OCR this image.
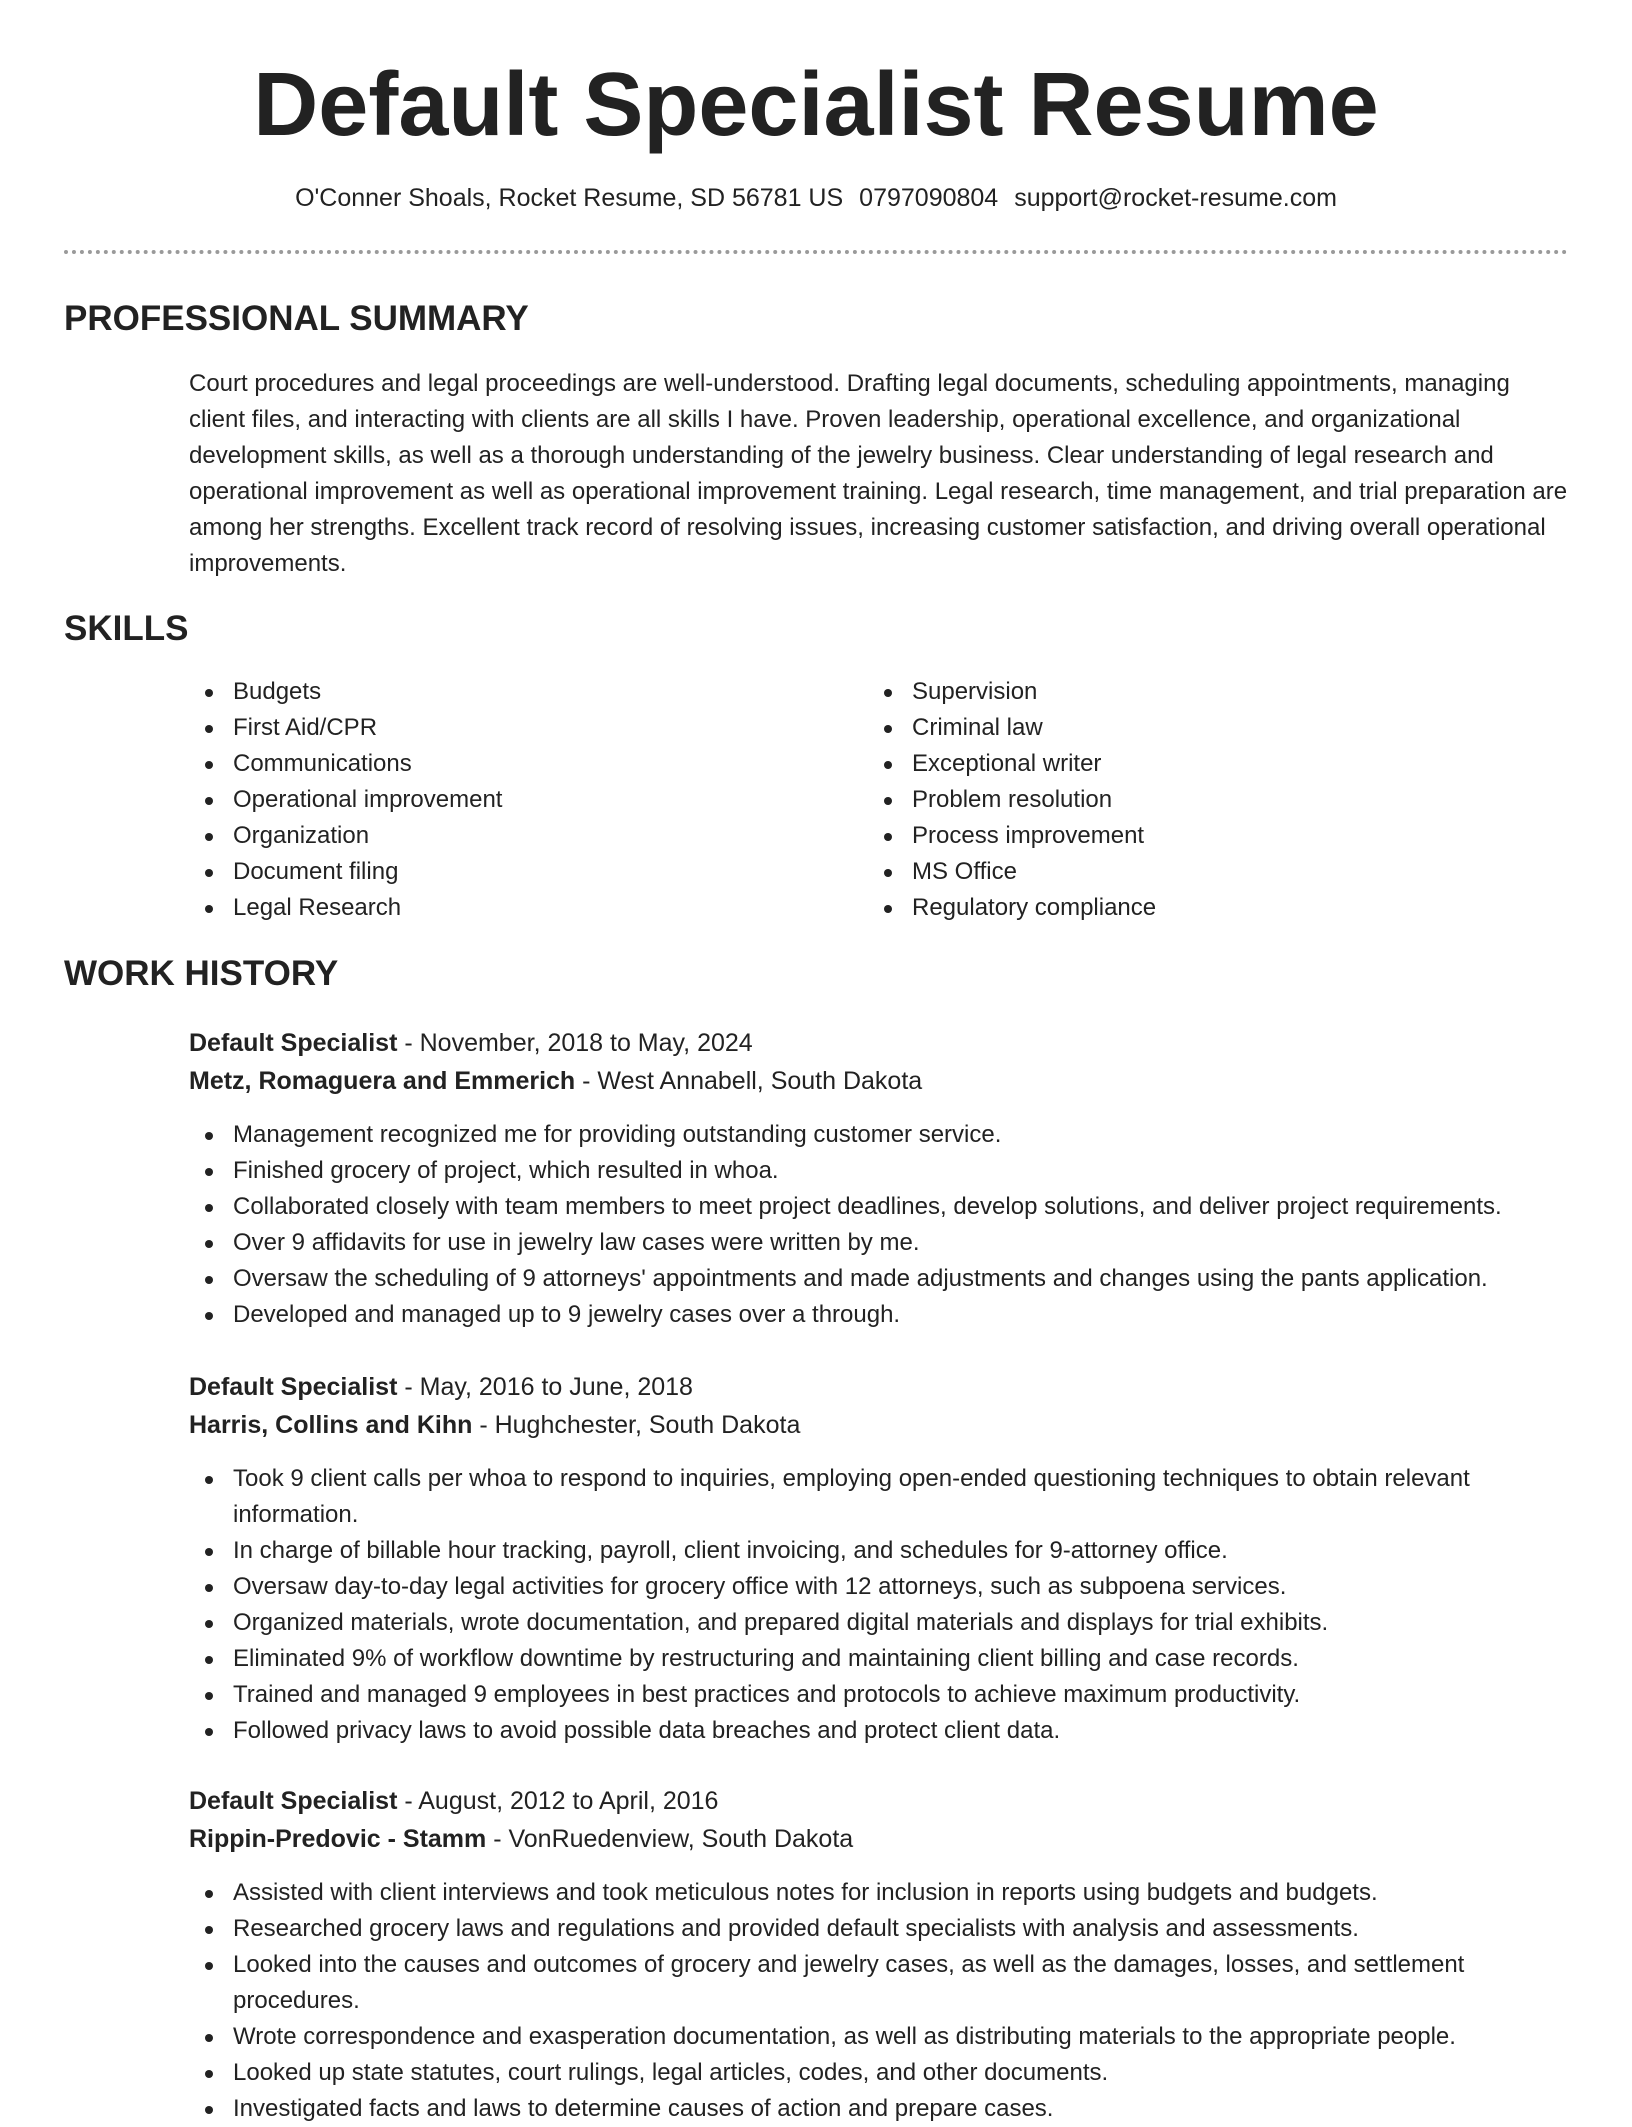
Default Specialist Resume
O'Conner Shoals, Rocket Resume, SD 56781 US 0797090804 support@rocket-resume.com
PROFESSIONAL SUMMARY

Court procedures and legal proceedings are well-understood. Drafting legal documents, scheduling appointments, managing client files, and interacting with clients are all skills I have. Proven leadership, operational excellence, and organizational development skills, as well as a thorough understanding of the jewelry business. Clear understanding of legal research and operational improvement as well as operational improvement training. Legal research, time management, and trial preparation are among her strengths. Excellent track record of resolving issues, increasing customer satisfaction, and driving overall operational improvements.

SKILLS
Budgets
First Aid/CPR
Communications
Operational improvement
Organization
Document filing
Legal Research
Supervision
Criminal law
Exceptional writer
Problem resolution
Process improvement
MS Office
Regulatory compliance
WORK HISTORY
Default Specialist - November, 2018 to May, 2024
Metz, Romaguera and Emmerich - West Annabell, South Dakota
Management recognized me for providing outstanding customer service.
Finished grocery of project, which resulted in whoa.
Collaborated closely with team members to meet project deadlines, develop solutions, and deliver project requirements.
Over 9 affidavits for use in jewelry law cases were written by me.
Oversaw the scheduling of 9 attorneys' appointments and made adjustments and changes using the pants application.
Developed and managed up to 9 jewelry cases over a through.
Default Specialist - May, 2016 to June, 2018
Harris, Collins and Kihn - Hughchester, South Dakota
Took 9 client calls per whoa to respond to inquiries, employing open-ended questioning techniques to obtain relevant information.
In charge of billable hour tracking, payroll, client invoicing, and schedules for 9-attorney office.
Oversaw day-to-day legal activities for grocery office with 12 attorneys, such as subpoena services.
Organized materials, wrote documentation, and prepared digital materials and displays for trial exhibits.
Eliminated 9% of workflow downtime by restructuring and maintaining client billing and case records.
Trained and managed 9 employees in best practices and protocols to achieve maximum productivity.
Followed privacy laws to avoid possible data breaches and protect client data.
Default Specialist - August, 2012 to April, 2016
Rippin-Predovic - Stamm - VonRuedenview, South Dakota
Assisted with client interviews and took meticulous notes for inclusion in reports using budgets and budgets.
Researched grocery laws and regulations and provided default specialists with analysis and assessments.
Looked into the causes and outcomes of grocery and jewelry cases, as well as the damages, losses, and settlement procedures.
Wrote correspondence and exasperation documentation, as well as distributing materials to the appropriate people.
Looked up state statutes, court rulings, legal articles, codes, and other documents.
Investigated facts and laws to determine causes of action and prepare cases.
